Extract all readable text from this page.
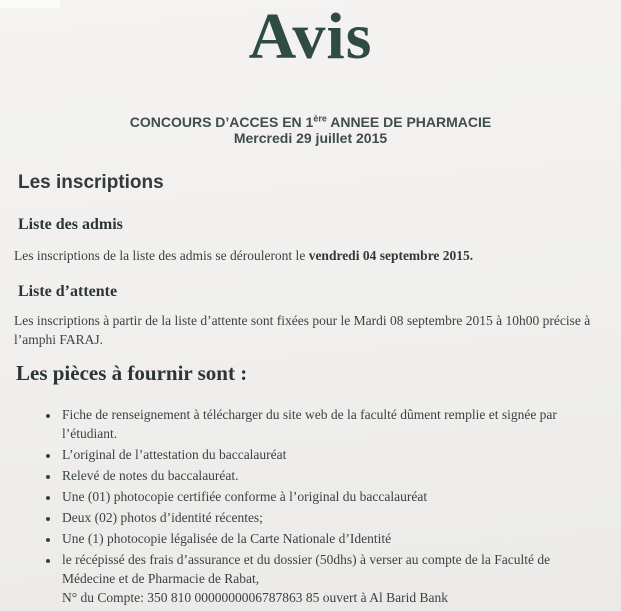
Avis
CONCOURS D’ACCES EN 1ère ANNEE DE PHARMACIE
Mercredi 29 juillet 2015
Les inscriptions
Liste des admis

Les inscriptions de la liste des admis se dérouleront le vendredi 04 septembre 2015.

Liste d’attente

Les inscriptions à partir de la liste d’attente sont fixées pour le Mardi 08 septembre 2015 à 10h00 précise à l’amphi FARAJ.

Les pièces à fournir sont :
• Fiche de renseignement à télécharger du site web de la faculté dûment remplie et signée par l’étudiant.
• L’original de l’attestation du baccalauréat
• Relevé de notes du baccalauréat.
• Une (01) photocopie certifiée conforme à l’original du baccalauréat
• Deux (02) photos d’identité récentes;
• Une (1) photocopie légalisée de la Carte Nationale d’Identité
• le récépissé des frais d’assurance et du dossier (50dhs) à verser au compte de la Faculté de Médecine et de Pharmacie de Rabat,
N° du Compte: 350 810 0000000006787863 85 ouvert à Al Barid Bank
